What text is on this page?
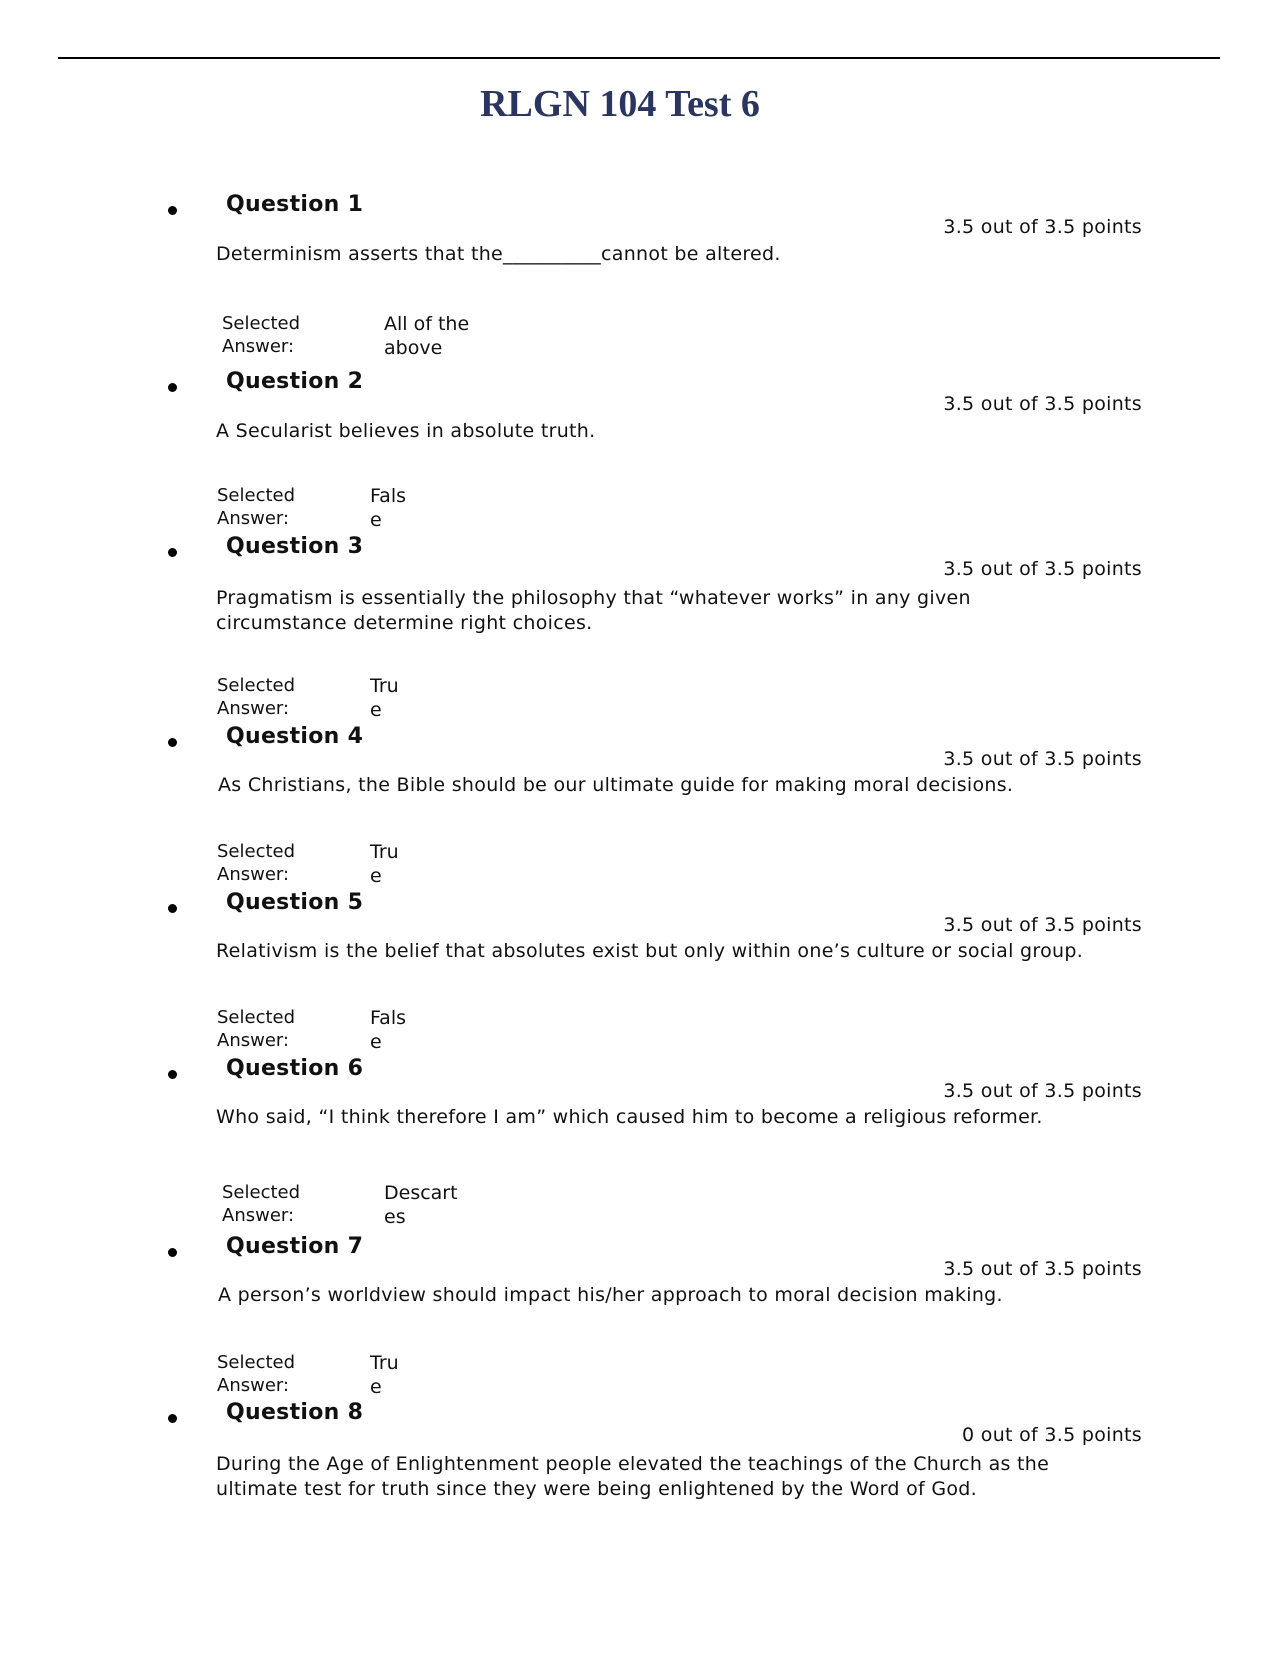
RLGN 104 Test 6
Question 1
3.5 out of 3.5 points

Determinism asserts that the__________cannot be altered.

Selected
Answer:
All of the
above
Question 2
3.5 out of 3.5 points

A Secularist believes in absolute truth.

Selected
Answer:
Fals
e
Question 3
3.5 out of 3.5 points

Pragmatism is essentially the philosophy that “whatever works” in any given
circumstance determine right choices.

Selected
Answer:
Tru
e
Question 4
3.5 out of 3.5 points

As Christians, the Bible should be our ultimate guide for making moral decisions.

Selected
Answer:
Tru
e
Question 5
3.5 out of 3.5 points

Relativism is the belief that absolutes exist but only within one’s culture or social group.

Selected
Answer:
Fals
e
Question 6
3.5 out of 3.5 points

Who said, “I think therefore I am” which caused him to become a religious reformer.

Selected
Answer:
Descart
es
Question 7
3.5 out of 3.5 points

A person’s worldview should impact his/her approach to moral decision making.

Selected
Answer:
Tru
e
Question 8
0 out of 3.5 points

During the Age of Enlightenment people elevated the teachings of the Church as the
ultimate test for truth since they were being enlightened by the Word of God.
